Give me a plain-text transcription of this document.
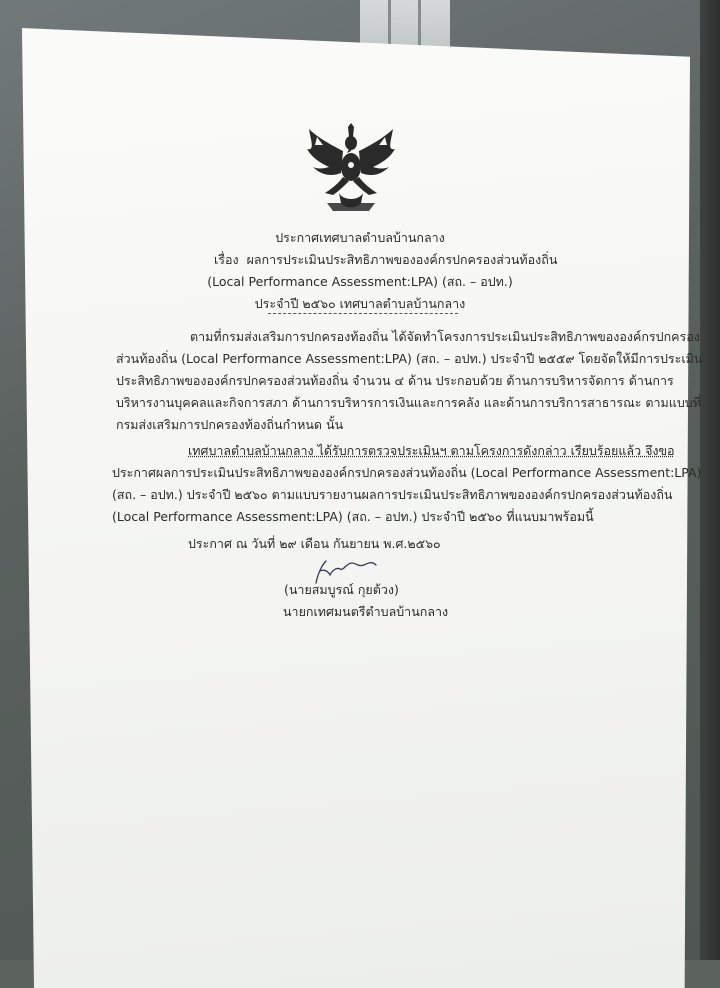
ประกาศเทศบาลตำบลบ้านกลาง
เรื่อง ผลการประเมินประสิทธิภาพขององค์กรปกครองส่วนท้องถิ่น
(Local Performance Assessment:LPA) (สถ. – อปท.)
ประจำปี ๒๕๖๐ เทศบาลตำบลบ้านกลาง
ตามที่กรมส่งเสริมการปกครองท้องถิ่น ได้จัดทำโครงการประเมินประสิทธิภาพขององค์กรปกครอง
ส่วนท้องถิ่น (Local Performance Assessment:LPA) (สถ. – อปท.) ประจำปี ๒๕๕๙ โดยจัดให้มีการประเมิน
ประสิทธิภาพขององค์กรปกครองส่วนท้องถิ่น จำนวน ๔ ด้าน ประกอบด้วย ด้านการบริหารจัดการ ด้านการ
บริหารงานบุคคลและกิจการสภา ด้านการบริหารการเงินและการคลัง และด้านการบริการสาธารณะ ตามแบบที่
กรมส่งเสริมการปกครองท้องถิ่นกำหนด นั้น
เทศบาลตำบลบ้านกลาง ได้รับการตรวจประเมินฯ ตามโครงการดังกล่าว เรียบร้อยแล้ว จึงขอ
ประกาศผลการประเมินประสิทธิภาพขององค์กรปกครองส่วนท้องถิ่น (Local Performance Assessment:LPA)
(สถ. – อปท.) ประจำปี ๒๕๖๐ ตามแบบรายงานผลการประเมินประสิทธิภาพขององค์กรปกครองส่วนท้องถิ่น
(Local Performance Assessment:LPA) (สถ. – อปท.) ประจำปี ๒๕๖๐ ที่แนบมาพร้อมนี้
ประกาศ ณ วันที่ ๒๙ เดือน กันยายน พ.ศ.๒๕๖๐
(นายสมบูรณ์ กุยต้วง)
นายกเทศมนตรีตำบลบ้านกลาง
